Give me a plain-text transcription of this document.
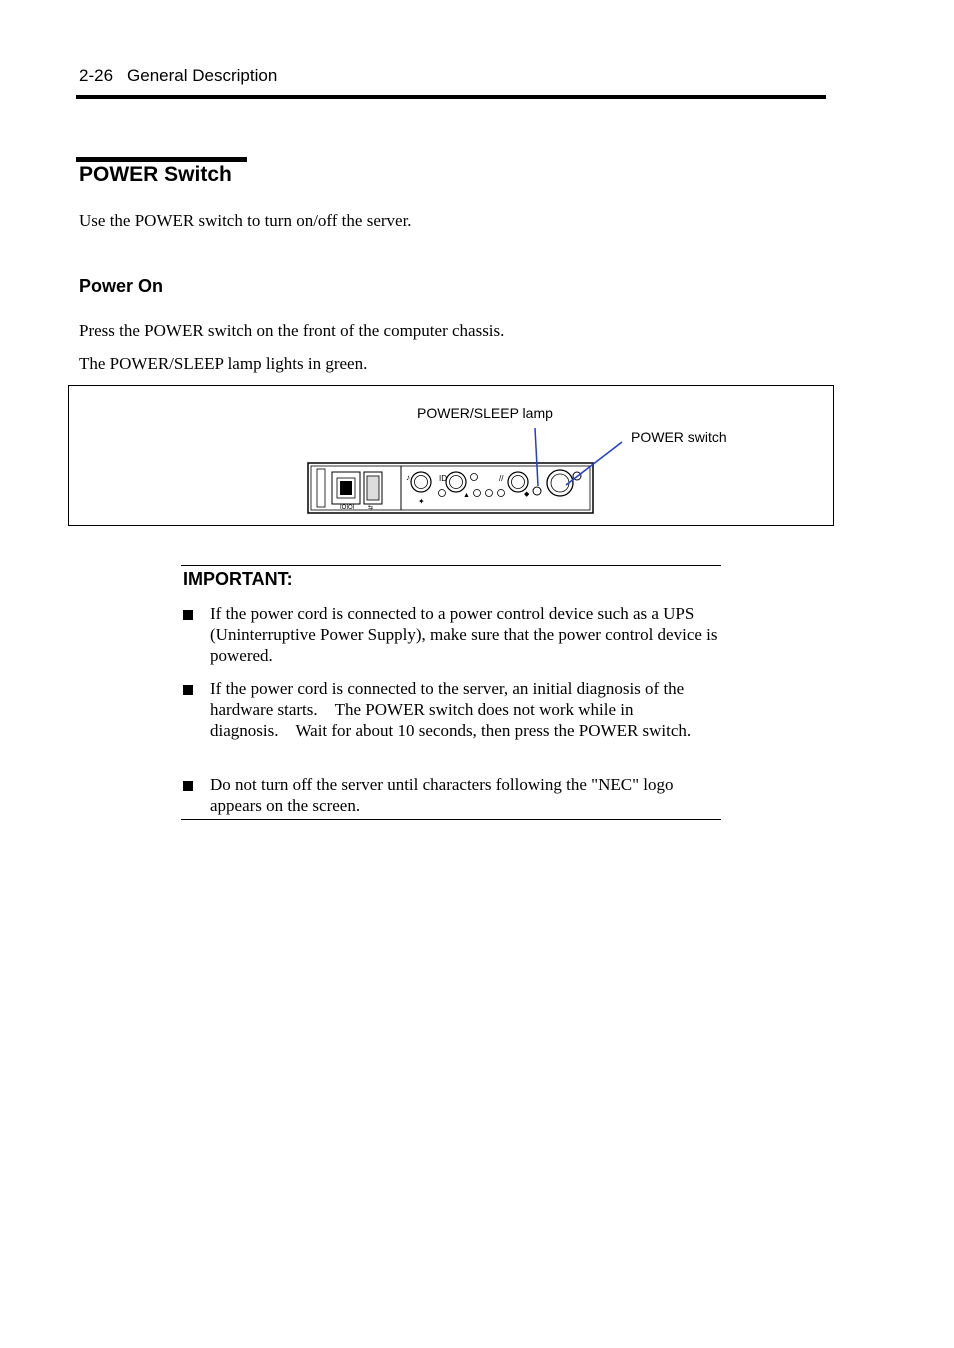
2-26 General Description
POWER Switch
Use the POWER switch to turn on/off the server.
Power On
Press the POWER switch on the front of the computer chassis.
The POWER/SLEEP lamp lights in green.
IOIOI ⇆
♪
✦
ID
▲
//
◆
POWER/SLEEP lamp
POWER switch
IMPORTANT:
If the power cord is connected to a power control device such as a UPS (Uninterruptive Power Supply), make sure that the power control device is powered.
If the power cord is connected to the server, an initial diagnosis of the hardware starts.    The POWER switch does not work while in diagnosis.    Wait for about 10 seconds, then press the POWER switch.
Do not turn off the server until characters following the "NEC" logo appears on the screen.
